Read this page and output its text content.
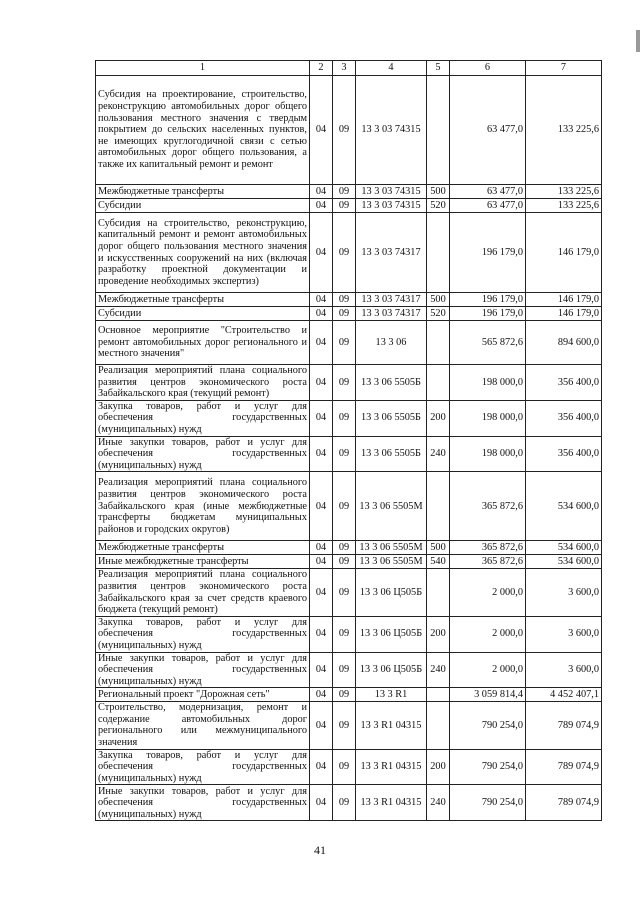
1	2	3	4	5	6	7
Субсидия на проектирование, строительство, реконструкцию автомобильных дорог общего пользования местного значения с твердым покрытием до сельских населенных пунктов, не имеющих круглогодичной связи с сетью автомобильных дорог общего пользования, а также их капитальный ремонт и ремонт	04	09	13 3 03 74315		63 477,0	133 225,6
Межбюджетные трансферты	04	09	13 3 03 74315	500	63 477,0	133 225,6
Субсидии	04	09	13 3 03 74315	520	63 477,0	133 225,6
Субсидия на строительство, реконструкцию, капитальный ремонт и ремонт автомобильных дорог общего пользования местного значения и искусственных сооружений на них (включая разработку проектной документации и проведение необходимых экспертиз)	04	09	13 3 03 74317		196 179,0	146 179,0
Межбюджетные трансферты	04	09	13 3 03 74317	500	196 179,0	146 179,0
Субсидии	04	09	13 3 03 74317	520	196 179,0	146 179,0
Основное мероприятие "Строительство и ремонт автомобильных дорог регионального и местного значения"	04	09	13 3 06		565 872,6	894 600,0
Реализация мероприятий плана социального развития центров экономического роста Забайкальского края (текущий ремонт)	04	09	13 3 06 5505Б		198 000,0	356 400,0
Закупка товаров, работ и услуг для обеспечения государственных (муниципальных) нужд	04	09	13 3 06 5505Б	200	198 000,0	356 400,0
Иные закупки товаров, работ и услуг для обеспечения государственных (муниципальных) нужд	04	09	13 3 06 5505Б	240	198 000,0	356 400,0
Реализация мероприятий плана социального развития центров экономического роста Забайкальского края (иные межбюджетные трансферты бюджетам муниципальных районов и городских округов)	04	09	13 3 06 5505М		365 872,6	534 600,0
Межбюджетные трансферты	04	09	13 3 06 5505М	500	365 872,6	534 600,0
Иные межбюджетные трансферты	04	09	13 3 06 5505М	540	365 872,6	534 600,0
Реализация мероприятий плана социального развития центров экономического роста Забайкальского края за счет средств краевого бюджета (текущий ремонт)	04	09	13 3 06 Ц505Б		2 000,0	3 600,0
Закупка товаров, работ и услуг для обеспечения государственных (муниципальных) нужд	04	09	13 3 06 Ц505Б	200	2 000,0	3 600,0
Иные закупки товаров, работ и услуг для обеспечения государственных (муниципальных) нужд	04	09	13 3 06 Ц505Б	240	2 000,0	3 600,0
Региональный проект "Дорожная сеть"	04	09	13 3 R1		3 059 814,4	4 452 407,1
Строительство, модернизация, ремонт и содержание автомобильных дорог регионального или межмуниципального значения	04	09	13 3 R1 04315		790 254,0	789 074,9
Закупка товаров, работ и услуг для обеспечения государственных (муниципальных) нужд	04	09	13 3 R1 04315	200	790 254,0	789 074,9
Иные закупки товаров, работ и услуг для обеспечения государственных (муниципальных) нужд	04	09	13 3 R1 04315	240	790 254,0	789 074,9
41
